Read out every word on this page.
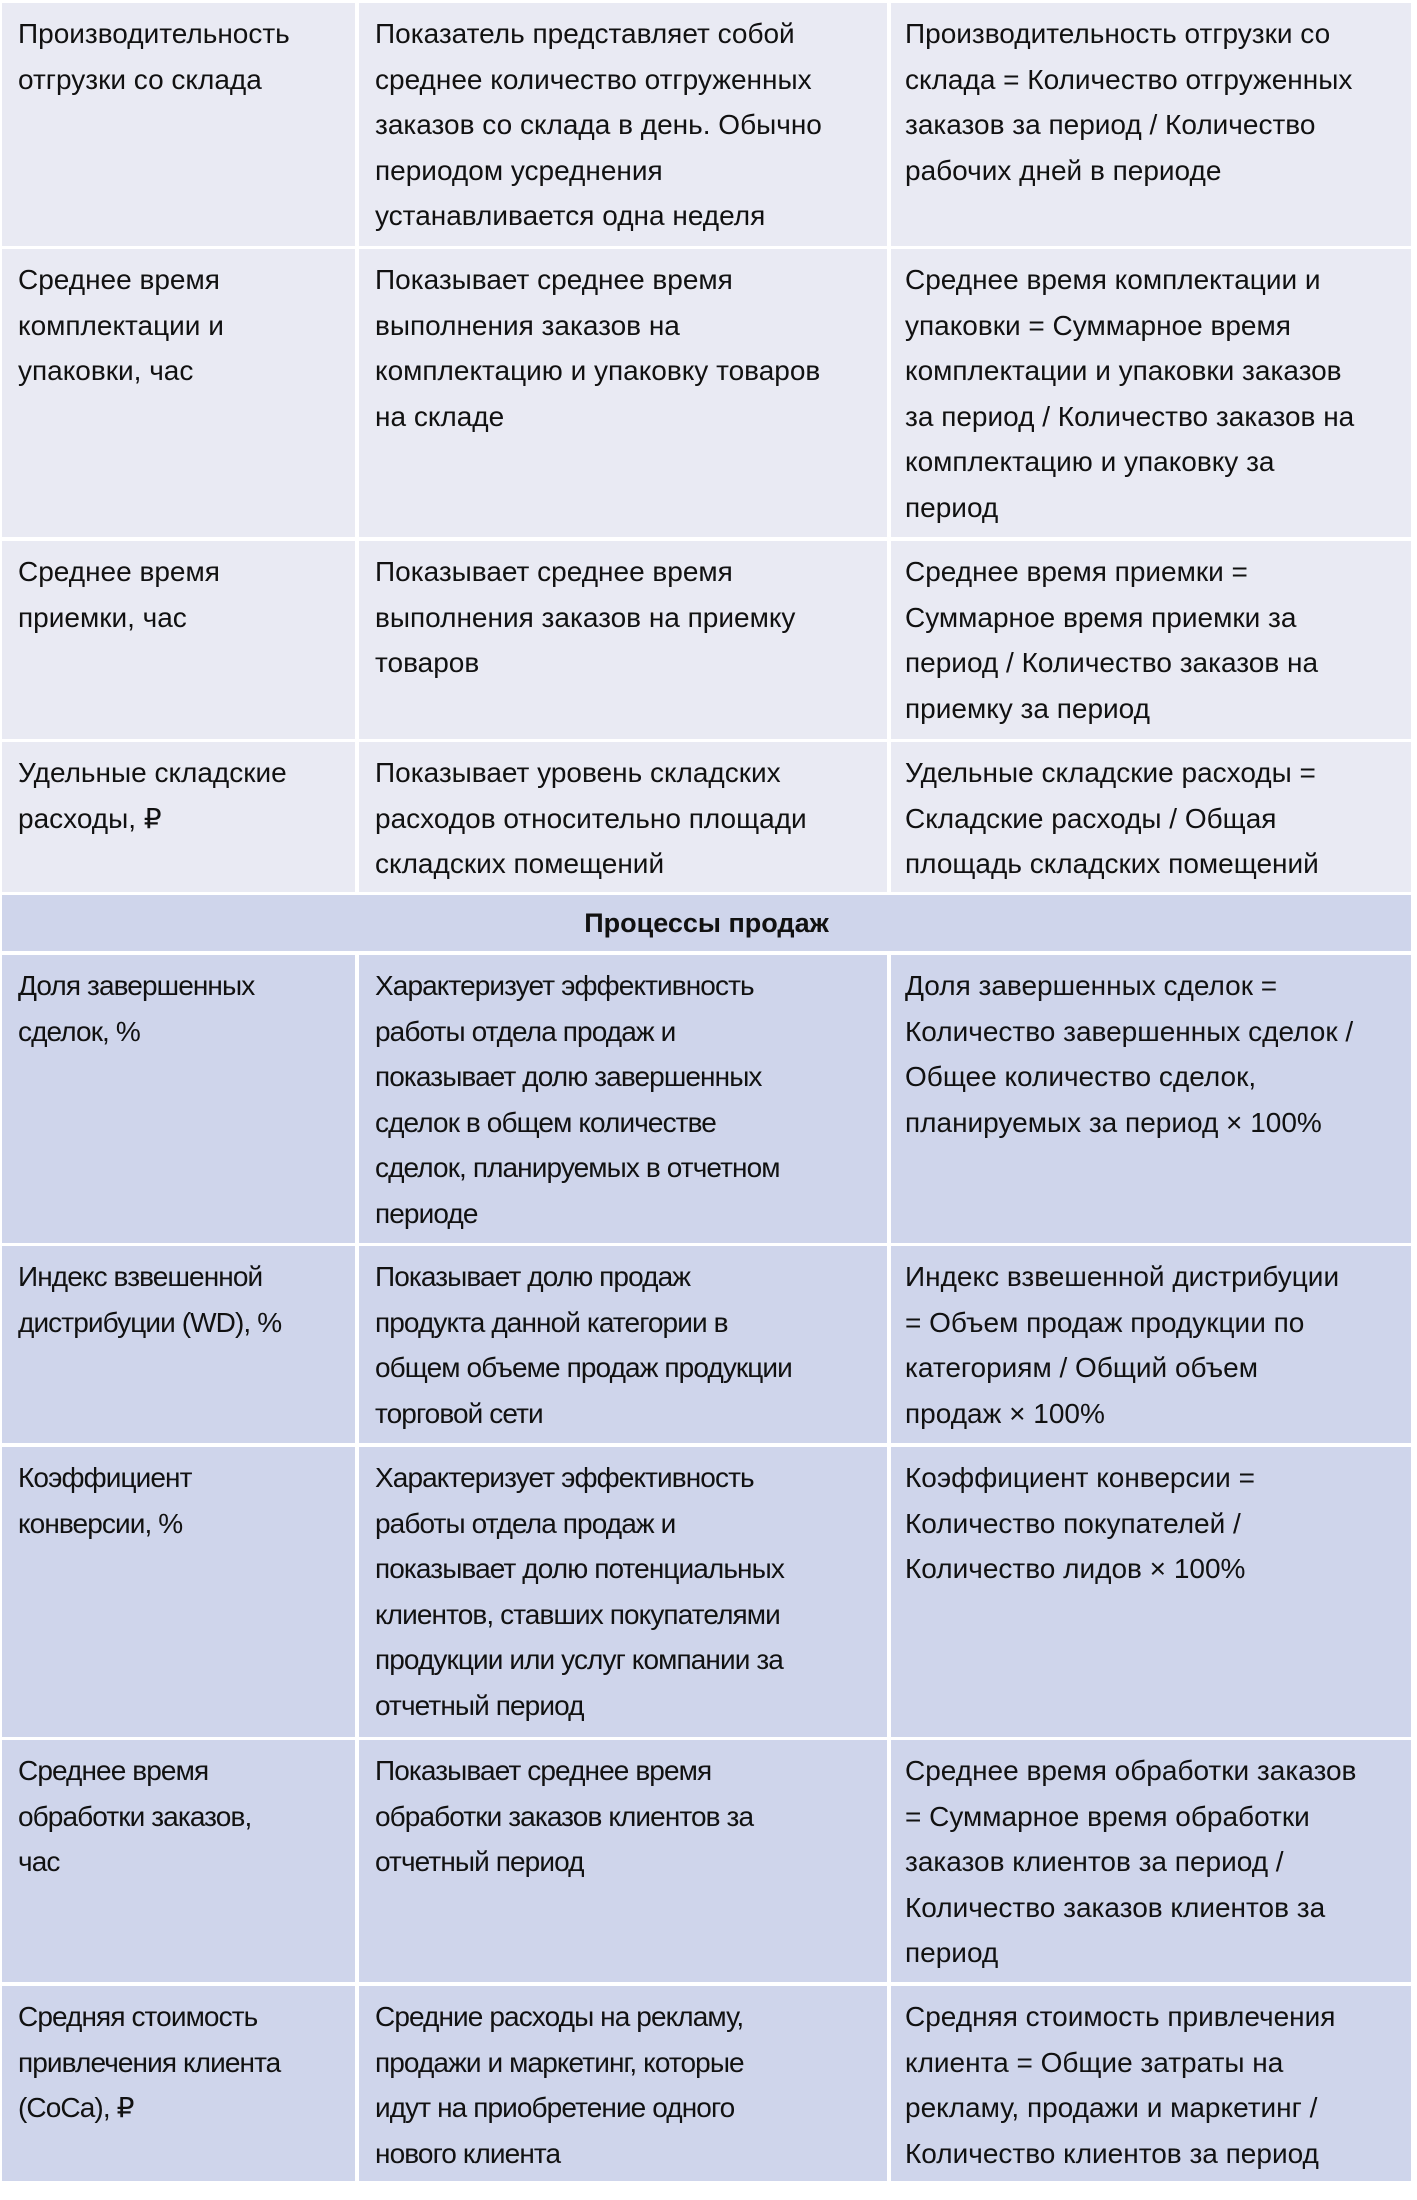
Производительность
отгрузки со склада
Показатель представляет собой
среднее количество отгруженных
заказов со склада в день. Обычно
периодом усреднения
устанавливается одна неделя
Производительность отгрузки со
склада = Количество отгруженных
заказов за период / Количество
рабочих дней в периоде
Среднее время
комплектации и
упаковки, час
Показывает среднее время
выполнения заказов на
комплектацию и упаковку товаров
на складе
Среднее время комплектации и
упаковки = Суммарное время
комплектации и упаковки заказов
за период / Количество заказов на
комплектацию и упаковку за
период
Среднее время
приемки, час
Показывает среднее время
выполнения заказов на приемку
товаров
Среднее время приемки =
Суммарное время приемки за
период / Количество заказов на
приемку за период
Удельные складские
расходы, ₽
Показывает уровень складских
расходов относительно площади
складских помещений
Удельные складские расходы =
Складские расходы / Общая
площадь складских помещений
Процессы продаж
Доля завершенных
сделок, %
Характеризует эффективность
работы отдела продаж и
показывает долю завершенных
сделок в общем количестве
сделок, планируемых в отчетном
периоде
Доля завершенных сделок =
Количество завершенных сделок /
Общее количество сделок,
планируемых за период × 100%
Индекс взвешенной
дистрибуции (WD), %
Показывает долю продаж
продукта данной категории в
общем объеме продаж продукции
торговой сети
Индекс взвешенной дистрибуции
= Объем продаж продукции по
категориям / Общий объем
продаж × 100%
Коэффициент
конверсии, %
Характеризует эффективность
работы отдела продаж и
показывает долю потенциальных
клиентов, ставших покупателями
продукции или услуг компании за
отчетный период
Коэффициент конверсии =
Количество покупателей /
Количество лидов × 100%
Среднее время
обработки заказов,
час
Показывает среднее время
обработки заказов клиентов за
отчетный период
Среднее время обработки заказов
= Суммарное время обработки
заказов клиентов за период /
Количество заказов клиентов за
период
Средняя стоимость
привлечения клиента
(CoCa), ₽
Средние расходы на рекламу,
продажи и маркетинг, которые
идут на приобретение одного
нового клиента
Средняя стоимость привлечения
клиента = Общие затраты на
рекламу, продажи и маркетинг /
Количество клиентов за период
